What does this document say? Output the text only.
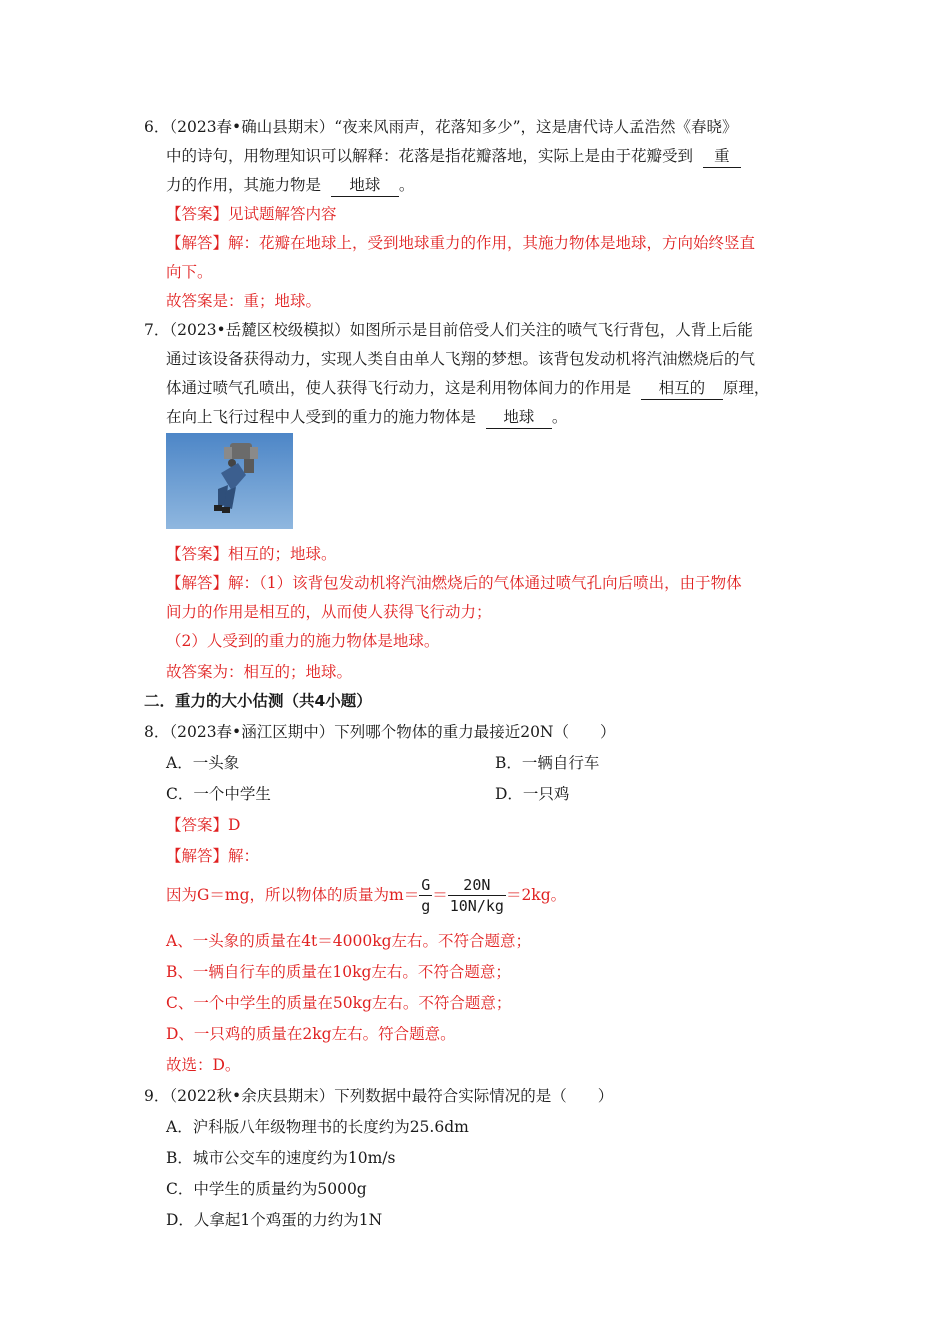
6．（2023春•确山县期末）“夜来风雨声，花落知多少”，这是唐代诗人孟浩然《春晓》
中的诗句，用物理知识可以解释：花落是指花瓣落地，实际上是由于花瓣受到 重
力的作用，其施力物是 地球 。
【答案】见试题解答内容
【解答】解：花瓣在地球上，受到地球重力的作用，其施力物体是地球，方向始终竖直
向下。
故答案是：重；地球。
7．（2023•岳麓区校级模拟）如图所示是目前倍受人们关注的喷气飞行背包，人背上后能
通过该设备获得动力，实现人类自由单人飞翔的梦想。该背包发动机将汽油燃烧后的气
体通过喷气孔喷出，使人获得飞行动力，这是利用物体间力的作用是 相互的 原理，
在向上飞行过程中人受到的重力的施力物体是 地球 。
【答案】相互的；地球。
【解答】解：（1）该背包发动机将汽油燃烧后的气体通过喷气孔向后喷出，由于物体
间力的作用是相互的，从而使人获得飞行动力；
（2）人受到的重力的施力物体是地球。
故答案为：相互的；地球。
二．重力的大小估测（共4小题）
8．（2023春•涵江区期中）下列哪个物体的重力最接近20N（　　）
A．一头象	B．一辆自行车
C．一个中学生	D．一只鸡
【答案】D
【解答】解：
因为G＝mg，所以物体的质量为$m= \frac{G}{g} = \frac{20N}{10N/kg} =2kg$。
A、一头象的质量在4t＝4000kg左右。不符合题意；
B、一辆自行车的质量在10kg左右。不符合题意；
C、一个中学生的质量在50kg左右。不符合题意；
D、一只鸡的质量在2kg左右。符合题意。
故选：D。
9．（2022秋•余庆县期末）下列数据中最符合实际情况的是（　　）
A．沪科版八年级物理书的长度约为25.6dm
B．城市公交车的速度约为10m/s
C．中学生的质量约为5000g
D．人拿起1个鸡蛋的力约为1N
